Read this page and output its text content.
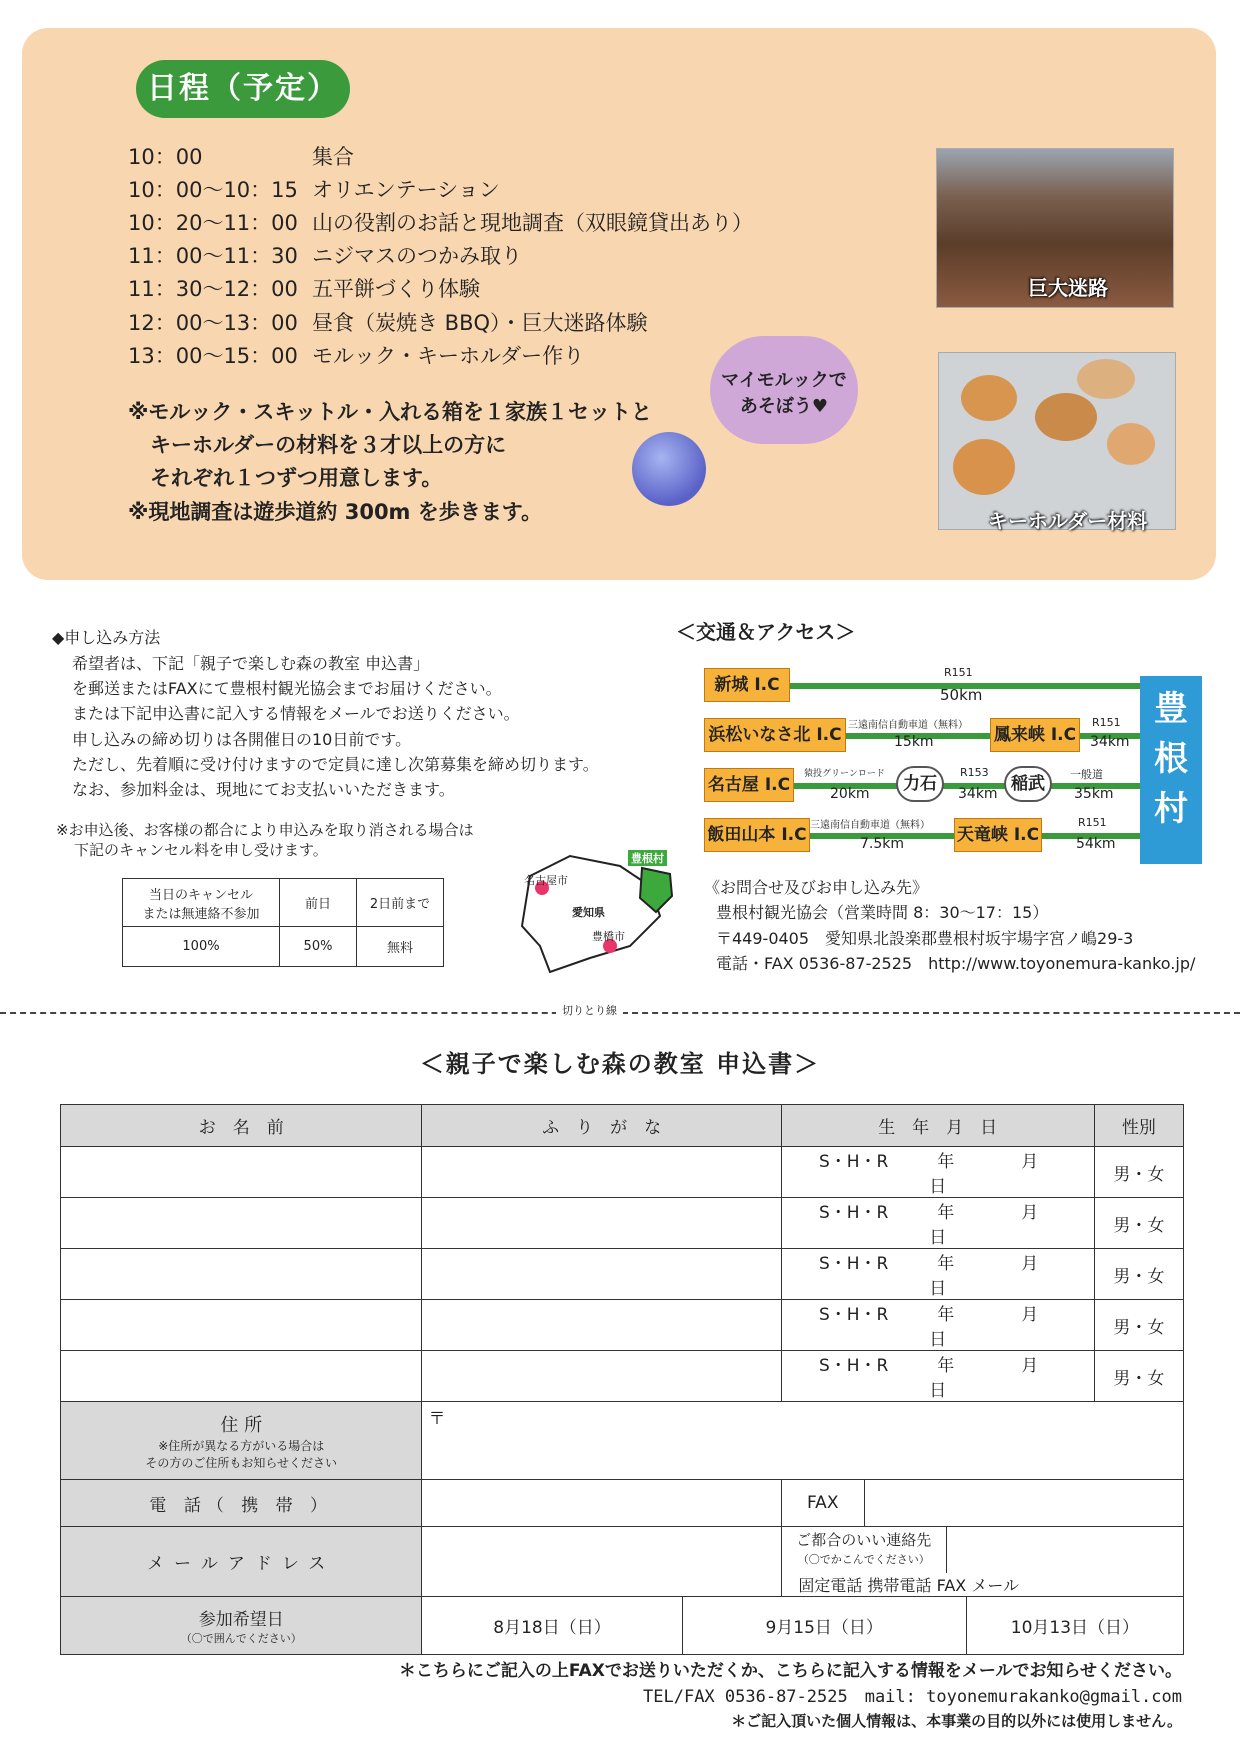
日程（予定）
10：00	集合
10：00〜10：15 オリエンテーション
10：20〜11：00 山の役割のお話と現地調査（双眼鏡貸出あり）
11：00〜11：30 ニジマスのつかみ取り
11：30〜12：00 五平餅づくり体験
12：00〜13：00 昼食（炭焼き BBQ）・巨大迷路体験
13：00〜15：00 モルック・キーホルダー作り
※モルック・スキットル・入れる箱を１家族１セットと
キーホルダーの材料を３才以上の方に
それぞれ１つずつ用意します。
※現地調査は遊歩道約 300m を歩きます。
巨大迷路
キーホルダー材料
マイモルックで
あそぼう♥
◆申し込み方法
希望者は、下記「親子で楽しむ森の教室 申込書」
を郵送またはFAXにて豊根村観光協会までお届けください。
または下記申込書に記入する情報をメールでお送りください。
申し込みの締め切りは各開催日の10日前です。
ただし、先着順に受け付けますので定員に達し次第募集を締め切ります。
なお、参加料金は、現地にてお支払いいただきます。
※お申込後、お客様の都合により申込みを取り消される場合は
下記のキャンセル料を申し受けます。
当日のキャンセル
または無連絡不参加	前日	2日前まで
100%	50%	無料
豊根村
名古屋市
愛知県
豊橋市
＜交通＆アクセス＞
新城 I.C
R151
50km
浜松いなさ北 I.C	鳳来峡 I.C
三遠南信自動車道（無料）
15km
R151
34km
名古屋 I.C	力石	稲武
猿投グリーンロード
20km
R153
34km
一般道
35km
飯田山本 I.C	天竜峡 I.C
三遠南信自動車道（無料）
7.5km
R151
54km
豊
根
村
《お問合せ及びお申し込み先》
豊根村観光協会（営業時間 8：30〜17：15）
〒449-0405　愛知県北設楽郡豊根村坂宇場字宮ノ嶋29-3
電話・FAX 0536-87-2525　http://www.toyonemura-kanko.jp/
切りとり線
＜親子で楽しむ森の教室 申込書＞
お　名　前	ふ　り　が　な		生　年　月　日		性別
			S・H・R 年 月日		男・女
			S・H・R 年 月日		男・女
			S・H・R 年 月日		男・女
			S・H・R 年 月日		男・女
			S・H・R 年 月日		男・女

住 所
※住所が異なる方がいる場合は
その方のご住所もお知らせください	〒				
電 話（ 携 帯 ）			FAX		
メールアドレス			ご都合のいい連絡先
（〇でかこんでください）
固定電話 携帯電話 FAX メール		

参加希望日
（〇で囲んでください）	8月18日（日）	9月15日（日）		10月13日（日）	
＊こちらにご記入の上FAXでお送りいただくか、こちらに記入する情報をメールでお知らせください。
TEL/FAX 0536-87-2525　mail: toyonemurakanko@gmail.com
＊ご記入頂いた個人情報は、本事業の目的以外には使用しません。
